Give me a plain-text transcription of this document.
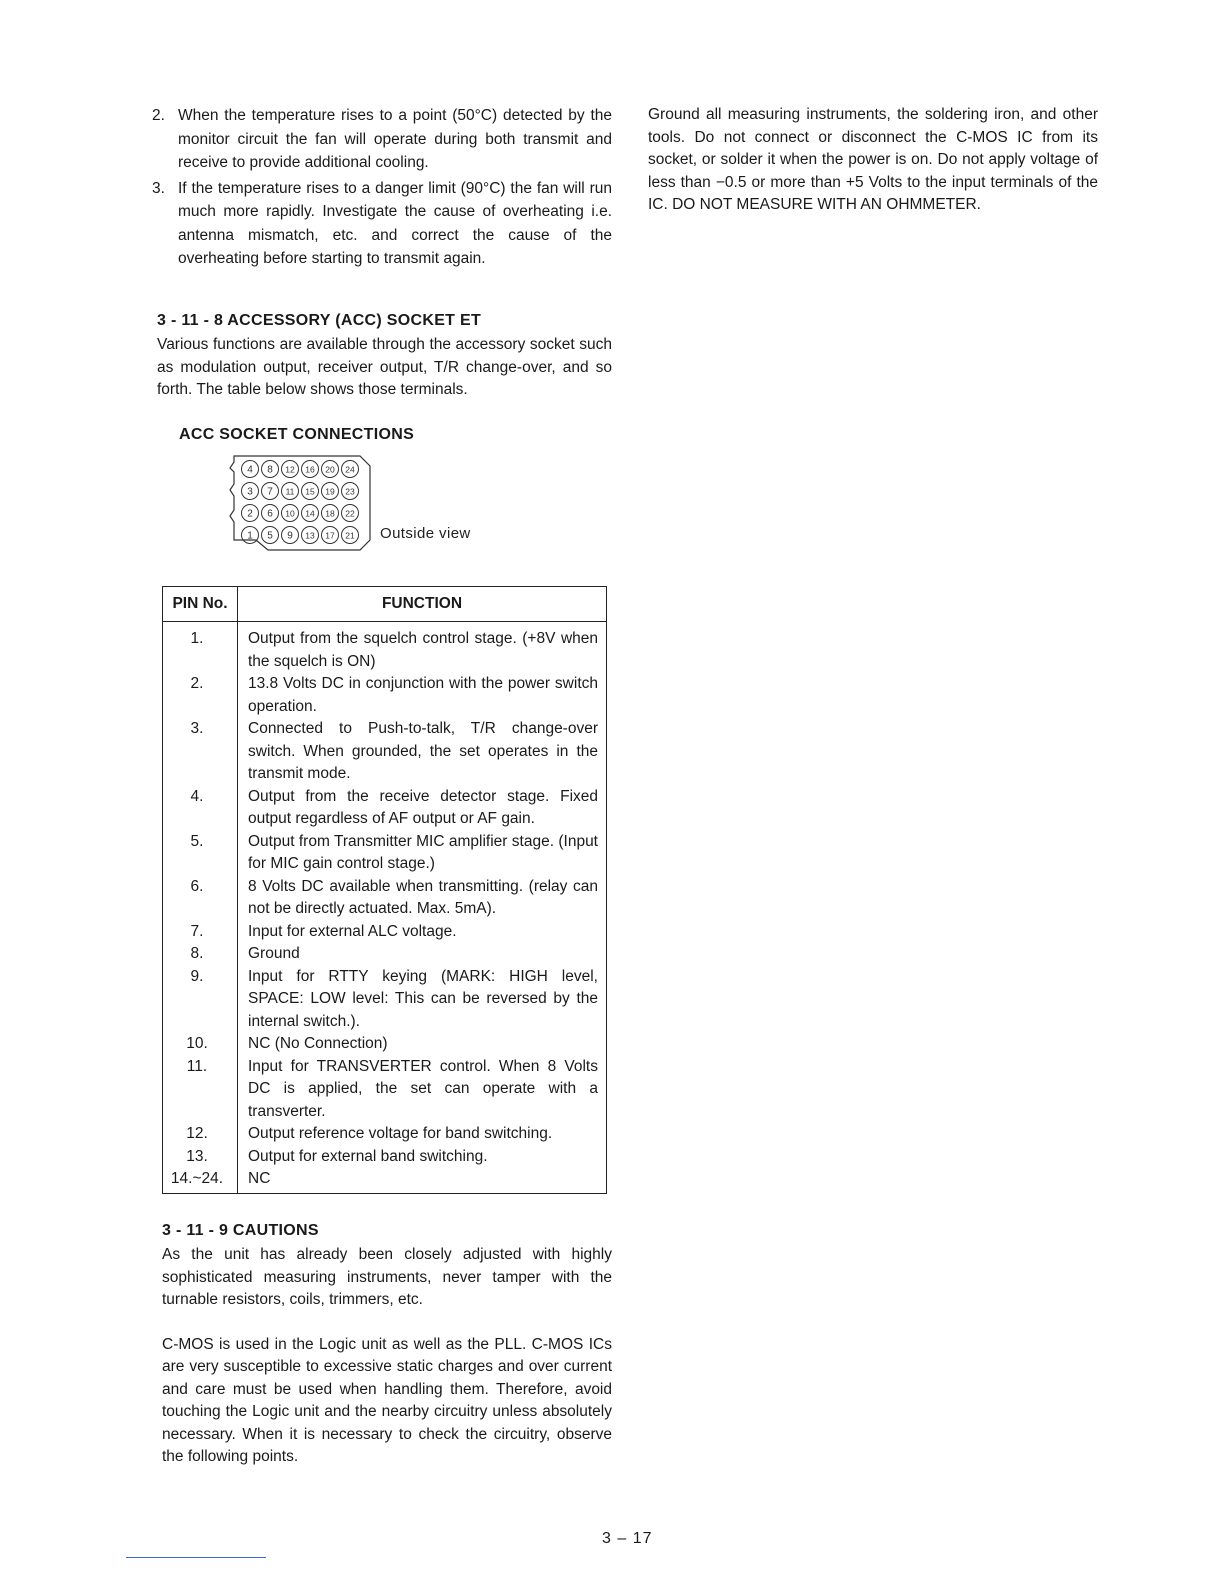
2. When the temperature rises to a point (50°C) detected by the monitor circuit the fan will operate during both transmit and receive to provide additional cooling.
3. If the temperature rises to a danger limit (90°C) the fan will run much more rapidly. Investigate the cause of overheating i.e. antenna mismatch, etc. and correct the cause of the overheating before starting to transmit again.

Ground all measuring instruments, the soldering iron, and other tools. Do not connect or disconnect the C-MOS IC from its socket, or solder it when the power is on. Do not apply voltage of less than −0.5 or more than +5 Volts to the input terminals of the IC. DO NOT MEASURE WITH AN OHMMETER.

3 - 11 - 8 ACCESSORY (ACC) SOCKET ET

Various functions are available through the accessory socket such as modulation output, receiver output, T/R change-over, and so forth. The table below shows those terminals.

ACC SOCKET CONNECTIONS

4 8 12 16 20 24
3 7 11 15 19 23
2 6 10 14 18 22
1 5 9 13 17 21 Outside view
PIN No.	FUNCTION
1.	Output from the squelch control stage. (+8V when the squelch is ON)
2.	13.8 Volts DC in conjunction with the power switch operation.
3.	Connected to Push-to-talk, T/R change-over switch. When grounded, the set operates in the transmit mode.
4.	Output from the receive detector stage. Fixed output regardless of AF output or AF gain.
5.	Output from Transmitter MIC amplifier stage. (Input for MIC gain control stage.)
6.	8 Volts DC available when transmitting. (relay can not be directly actuated. Max. 5mA).
7.	Input for external ALC voltage.
8.	Ground
9.	Input for RTTY keying (MARK: HIGH level, SPACE: LOW level: This can be reversed by the internal switch.).
10.	NC (No Connection)
11.	Input for TRANSVERTER control. When 8 Volts DC is applied, the set can operate with a transverter.
12.	Output reference voltage for band switching.
13.	Output for external band switching.
14.~24.	NC

3 - 11 - 9 CAUTIONS

As the unit has already been closely adjusted with highly sophisticated measuring instruments, never tamper with the turnable resistors, coils, trimmers, etc.

C-MOS is used in the Logic unit as well as the PLL. C-MOS ICs are very susceptible to excessive static charges and over current and care must be used when handling them. Therefore, avoid touching the Logic unit and the nearby circuitry unless absolutely necessary. When it is necessary to check the circuitry, observe the following points.

3 – 17
